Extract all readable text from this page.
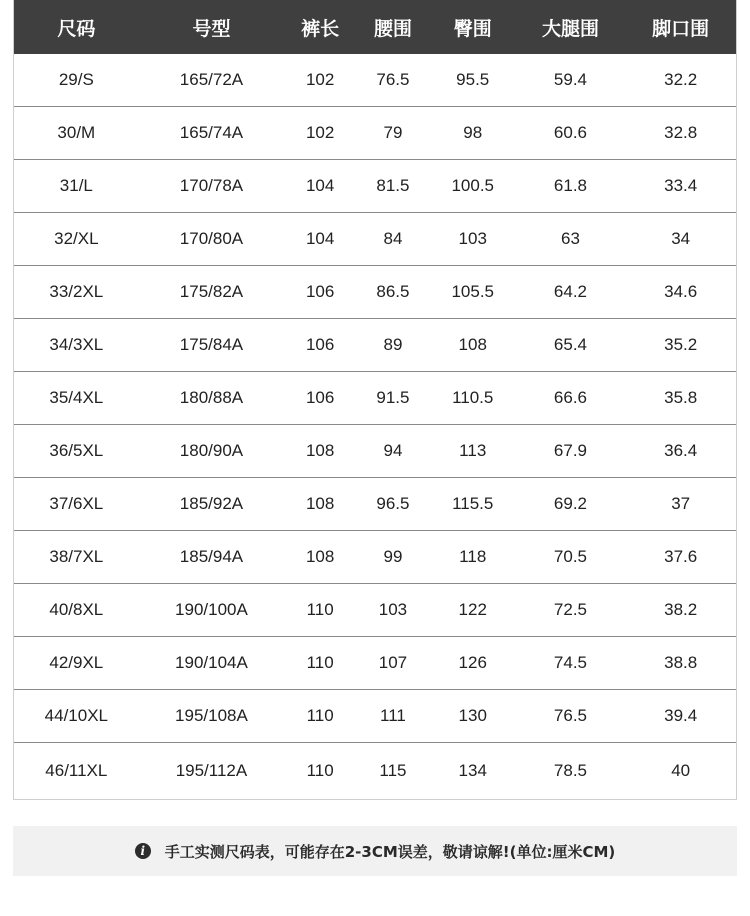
尺码	号型	裤长	腰围	臀围	大腿围	脚口围
29/S	165/72A	102	76.5	95.5	59.4	32.2
30/M	165/74A	102	79	98	60.6	32.8
31/L	170/78A	104	81.5	100.5	61.8	33.4
32/XL	170/80A	104	84	103	63	34
33/2XL	175/82A	106	86.5	105.5	64.2	34.6
34/3XL	175/84A	106	89	108	65.4	35.2
35/4XL	180/88A	106	91.5	110.5	66.6	35.8
36/5XL	180/90A	108	94	113	67.9	36.4
37/6XL	185/92A	108	96.5	115.5	69.2	37
38/7XL	185/94A	108	99	118	70.5	37.6
40/8XL	190/100A	110	103	122	72.5	38.2
42/9XL	190/104A	110	107	126	74.5	38.8
44/10XL	195/108A	110	111	130	76.5	39.4
46/11XL	195/112A	110	115	134	78.5	40
i	手工实测尺码表，可能存在2-3CM误差，敬请谅解!(单位:厘米CM)
